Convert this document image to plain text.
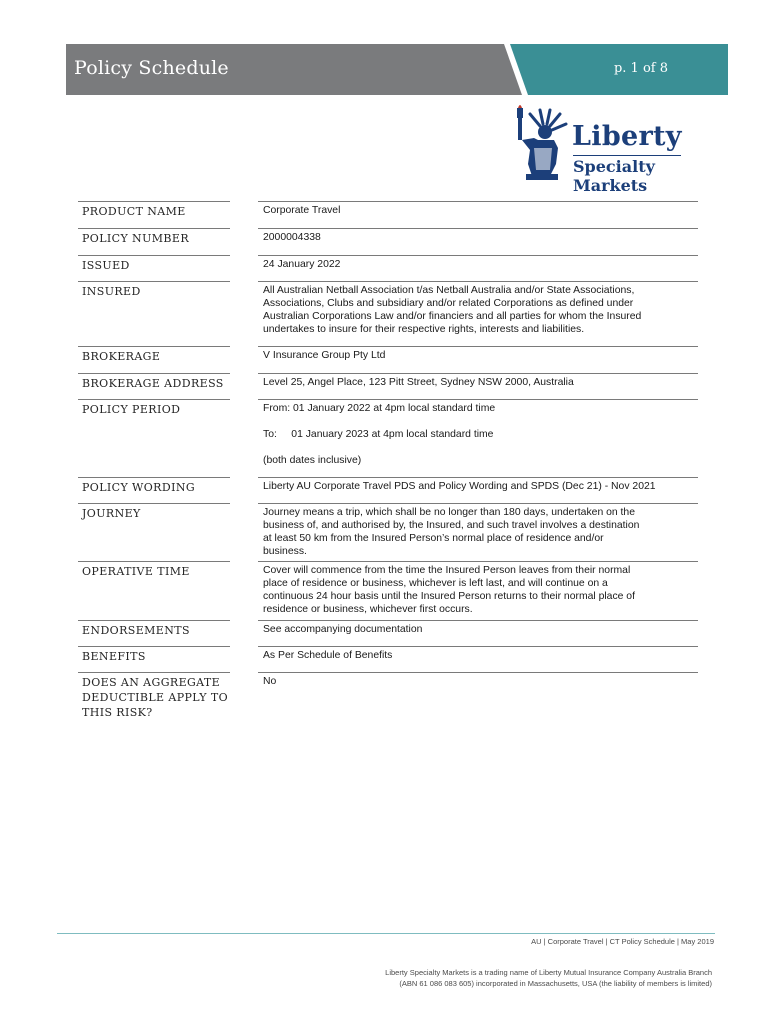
Policy Schedule	p. 1 of 8
Liberty
Specialty Markets
PRODUCT NAME	Corporate Travel

POLICY NUMBER	2000004338

ISSUED	24 January 2022

INSURED	All Australian Netball Association t/as Netball Australia and/or State Associations,

Associations, Clubs and subsidiary and/or related Corporations as defined under

Australian Corporations Law and/or financiers and all parties for whom the Insured

undertakes to insure for their respective rights, interests and liabilities.

BROKERAGE	V Insurance Group Pty Ltd

BROKERAGE ADDRESS	Level 25, Angel Place, 123 Pitt Street, Sydney NSW 2000, Australia

POLICY PERIOD	From: 01 January 2022 at 4pm local standard time

To:     01 January 2023 at 4pm local standard time

(both dates inclusive)

POLICY WORDING	Liberty AU Corporate Travel PDS and Policy Wording and SPDS (Dec 21) - Nov 2021

JOURNEY	Journey means a trip, which shall be no longer than 180 days, undertaken on the

business of, and authorised by, the Insured, and such travel involves a destination

at least 50 km from the Insured Person’s normal place of residence and/or

business.

OPERATIVE TIME	Cover will commence from the time the Insured Person leaves from their normal

place of residence or business, whichever is left last, and will continue on a

continuous 24 hour basis until the Insured Person returns to their normal place of

residence or business, whichever first occurs.

ENDORSEMENTS	See accompanying documentation

BENEFITS	As Per Schedule of Benefits

DOES AN AGGREGATE DEDUCTIBLE APPLY TO THIS RISK?

No

AU | Corporate Travel | CT Policy Schedule | May 2019
Liberty Specialty Markets is a trading name of Liberty Mutual Insurance Company Australia Branch
(ABN 61 086 083 605) incorporated in Massachusetts, USA (the liability of members is limited)
